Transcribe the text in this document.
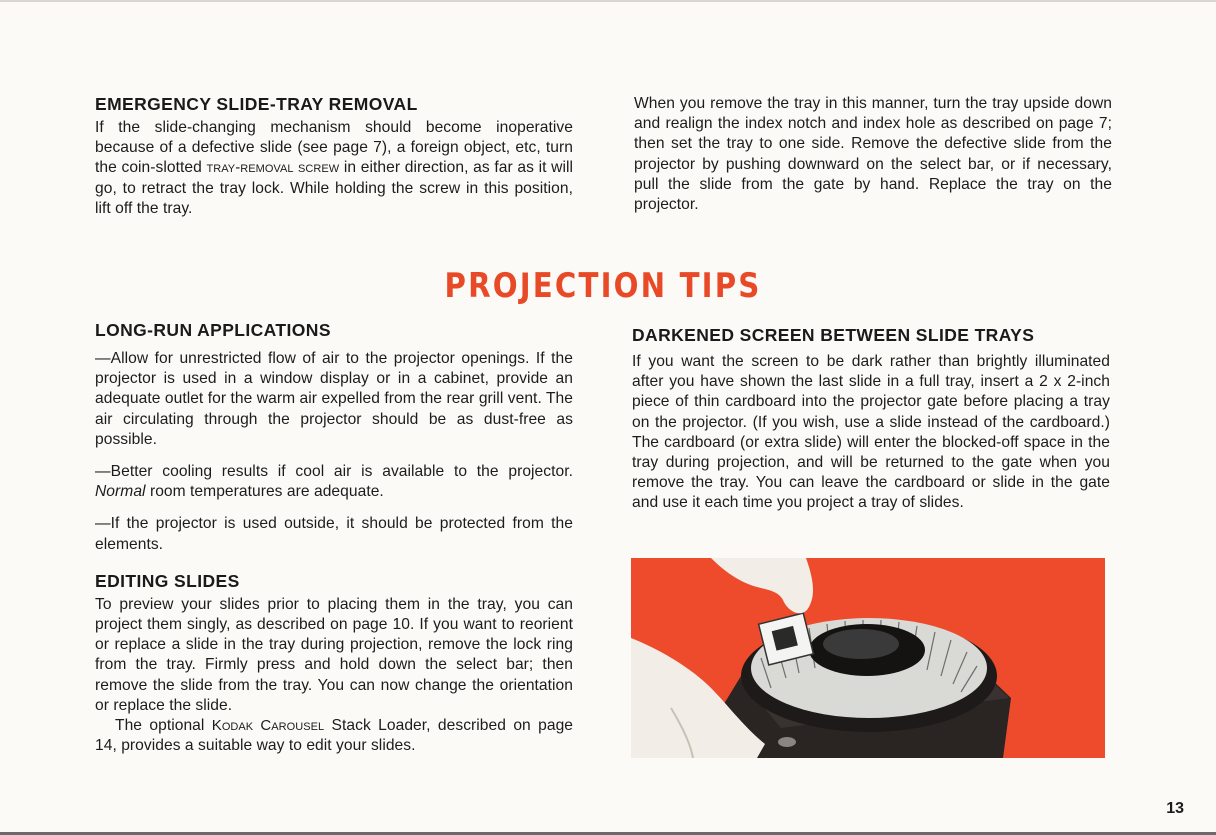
EMERGENCY SLIDE-TRAY REMOVAL

If the slide-changing mechanism should become inoperative because of a defective slide (see page 7), a foreign object, etc, turn the coin-slotted tray-removal screw in either direction, as far as it will go, to retract the tray lock. While holding the screw in this position, lift off the tray.

When you remove the tray in this manner, turn the tray upside down and realign the index notch and index hole as described on page 7; then set the tray to one side. Remove the defective slide from the projector by pushing downward on the select bar, or if necessary, pull the slide from the gate by hand. Replace the tray on the projector.

PROJECTION TIPS
LONG-RUN APPLICATIONS

—Allow for unrestricted flow of air to the projector openings. If the projector is used in a window display or in a cabinet, provide an adequate outlet for the warm air expelled from the rear grill vent. The air circulating through the projector should be as dust-free as possible.

—Better cooling results if cool air is available to the projector. Normal room temperatures are adequate.

—If the projector is used outside, it should be protected from the elements.

EDITING SLIDES

To preview your slides prior to placing them in the tray, you can project them singly, as described on page 10. If you want to reorient or replace a slide in the tray during projection, remove the lock ring from the tray. Firmly press and hold down the select bar; then remove the slide from the tray. You can now change the orientation or replace the slide.

The optional Kodak Carousel Stack Loader, described on page 14, provides a suitable way to edit your slides.

DARKENED SCREEN BETWEEN SLIDE TRAYS

If you want the screen to be dark rather than brightly illuminated after you have shown the last slide in a full tray, insert a 2 x 2-inch piece of thin cardboard into the projector gate before placing a tray on the projector. (If you wish, use a slide instead of the cardboard.) The cardboard (or extra slide) will enter the blocked-off space in the tray during projection, and will be returned to the gate when you remove the tray. You can leave the cardboard or slide in the gate and use it each time you project a tray of slides.

13
